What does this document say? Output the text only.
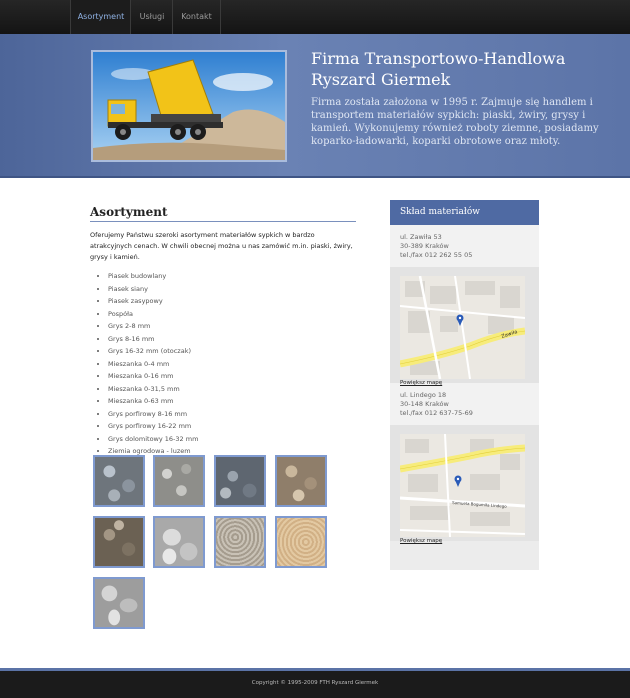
Asortyment	Usługi	Kontakt
Firma Transportowo-Handlowa Ryszard Giermek

Firma została założona w 1995 r. Zajmuje się handlem i transportem materiałów sypkich: piaski, żwiry, grysy i kamień. Wykonujemy również roboty ziemne, posiadamy koparko-ładowarki, koparki obrotowe oraz młoty.

Asortyment

Oferujemy Państwu szeroki asortyment materiałów sypkich w bardzo atrakcyjnych cenach. W chwili obecnej można u nas zamówić m.in. piaski, żwiry, grysy i kamień.

• Piasek budowlany
• Piasek siany
• Piasek zasypowy
• Pospóła
• Grys 2-8 mm
• Grys 8-16 mm
• Grys 16-32 mm (otoczak)
• Mieszanka 0-4 mm
• Mieszanka 0-16 mm
• Mieszanka 0-31,5 mm
• Mieszanka 0-63 mm
• Grys porfirowy 8-16 mm
• Grys porfirowy 16-22 mm
• Grys dolomitowy 16-32 mm
• Ziemia ogrodowa - luzem
Skład materiałów
ul. Zawiła 53
30-389 Kraków
tel./fax 012 262 55 05
Zawiła
Powiększ mapę
ul. Lindego 18
30-148 Kraków
tel./fax 012 637-75-69
Samuela Bogumiła Lindego
Powiększ mapę
Copyright © 1995-2009 FTH Ryszard Giermek
